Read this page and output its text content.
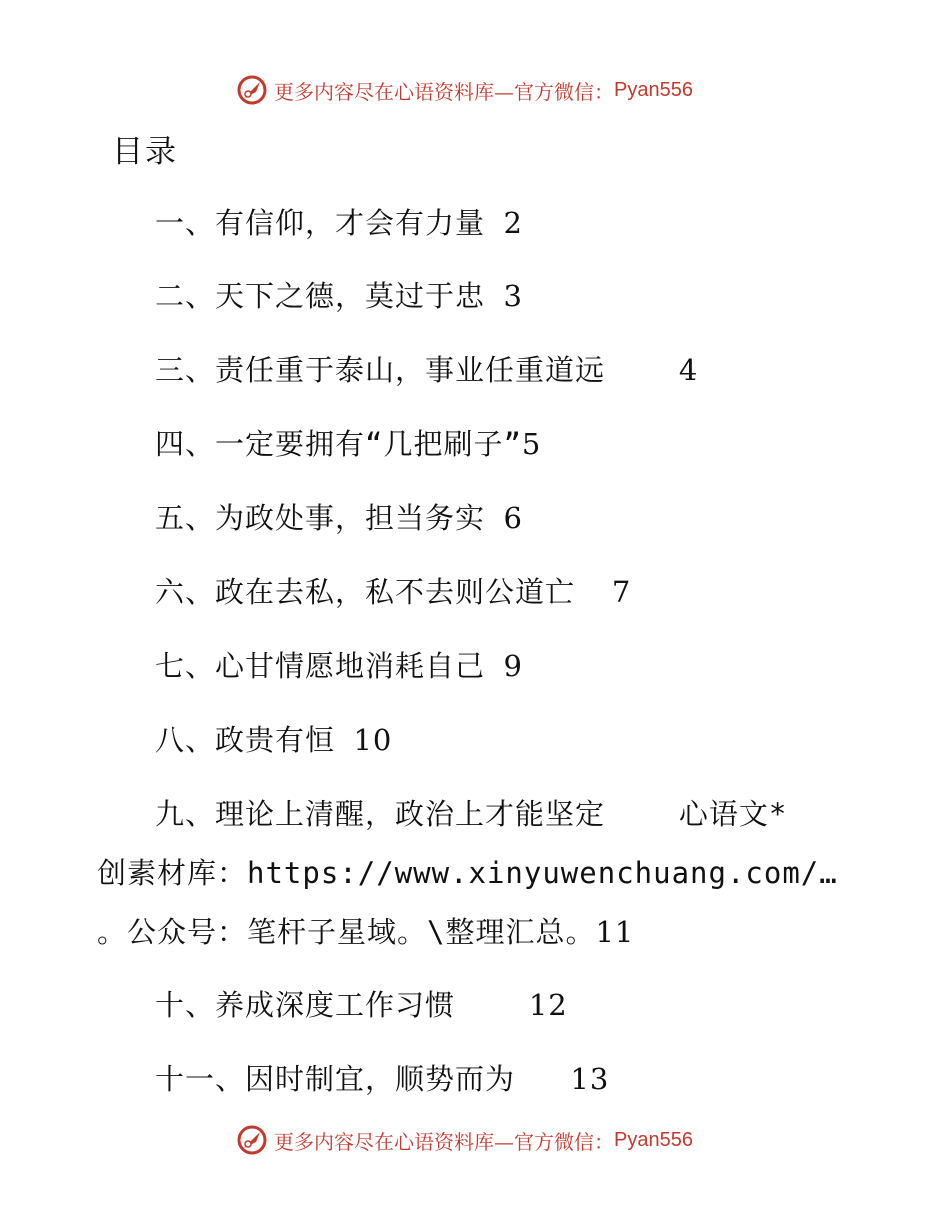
更多内容尽在心语资料库—官方微信： Pyan556
目录
一、有信仰，才会有力量 2
二、天下之德，莫过于忠 3
三、责任重于泰山，事业任重道远    4
四、一定要拥有“几把刷子”5
五、为政处事，担当务实 6
六、政在去私，私不去则公道亡  7
七、心甘情愿地消耗自己 9
八、政贵有恒 10
九、理论上清醒，政治上才能坚定    心语文*
创素材库：https://www.xinyuwenchuang.com/…
。公众号：笔杆子星域。\整理汇总。11
十、养成深度工作习惯    12
十一、因时制宜，顺势而为   13
更多内容尽在心语资料库—官方微信： Pyan556
